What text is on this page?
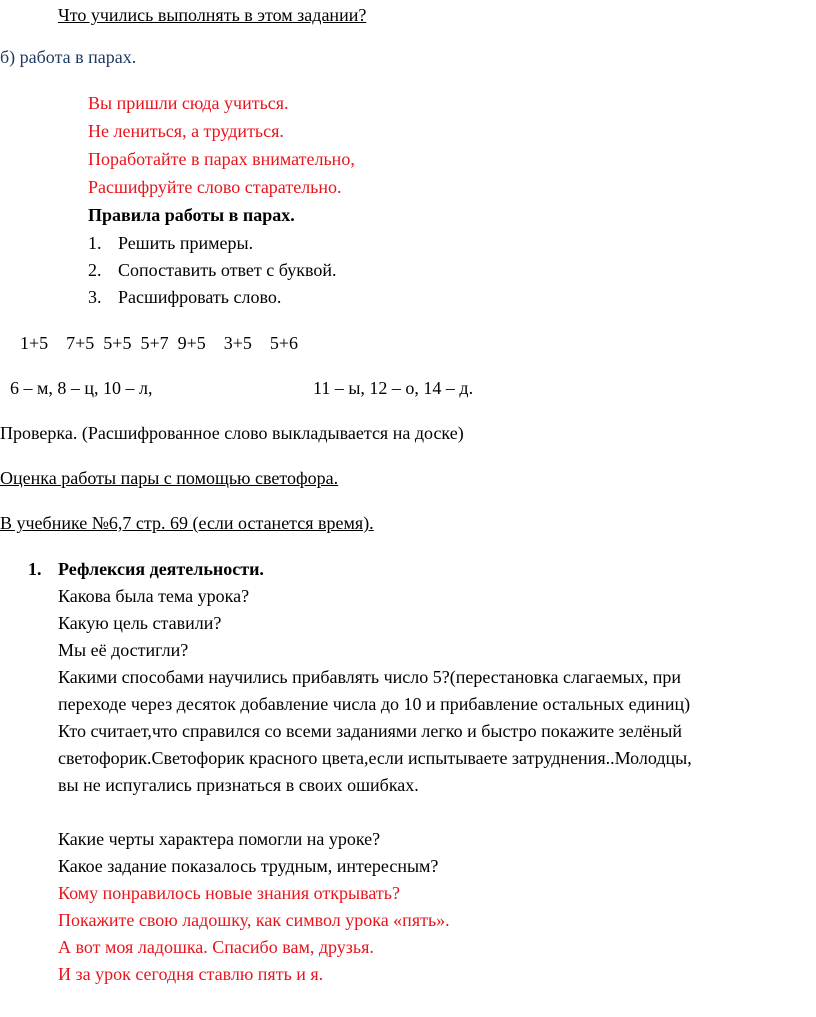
Что учились выполнять в этом задании?
б) работа в парах.
Вы пришли сюда учиться.
Не лениться, а трудиться.
Поработайте в парах внимательно,
Расшифруйте слово старательно.
Правила работы в парах.
1. Решить примеры.
2. Сопоставить ответ с буквой.
3. Расшифровать слово.
1+5    7+5  5+5  5+7  9+5    3+5    5+6
6 – м, 8 – ц, 10 – л,	11 – ы, 12 – о, 14 – д.
Проверка. (Расшифрованное слово выкладывается на доске)
Оценка работы пары с помощью светофора.
В учебнике №6,7 стр. 69 (если останется время).
1. Рефлексия деятельности.
Какова была тема урока?
Какую цель ставили?
Мы её достигли?
Какими способами научились прибавлять число 5?(перестановка слагаемых, при
переходе через десяток добавление числа до 10 и прибавление остальных единиц)
Кто считает,что справился со всеми заданиями легко и быстро покажите зелёный
светофорик.Светофорик красного цвета,если испытываете затруднения..Молодцы,
вы не испугались признаться в своих ошибках.
Какие черты характера помогли на уроке?
Какое задание показалось трудным, интересным?
Кому понравилось новые знания открывать?
Покажите свою ладошку, как символ урока «пять».
А вот моя ладошка. Спасибо вам, друзья.
И за урок сегодня ставлю пять и я.
